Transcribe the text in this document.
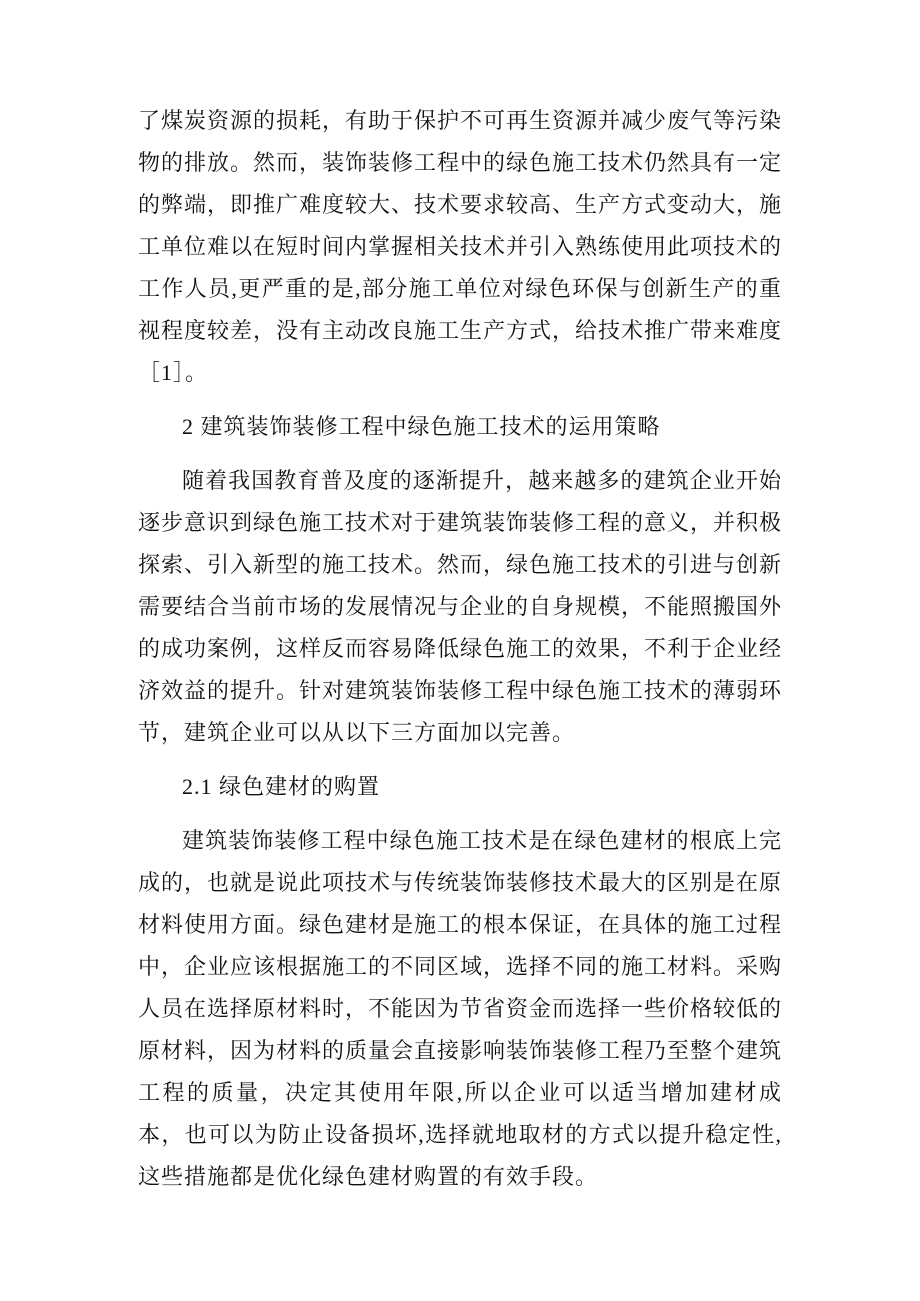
了煤炭资源的损耗，有助于保护不可再生资源并减少废气等污染物的排放。然而，装饰装修工程中的绿色施工技术仍然具有一定的弊端，即推广难度较大、技术要求较高、生产方式变动大，施工单位难以在短时间内掌握相关技术并引入熟练使用此项技术的工作人员,更严重的是,部分施工单位对绿色环保与创新生产的重视程度较差，没有主动改良施工生产方式，给技术推广带来难度［1］。

2 建筑装饰装修工程中绿色施工技术的运用策略

随着我国教育普及度的逐渐提升，越来越多的建筑企业开始逐步意识到绿色施工技术对于建筑装饰装修工程的意义，并积极探索、引入新型的施工技术。然而，绿色施工技术的引进与创新需要结合当前市场的发展情况与企业的自身规模，不能照搬国外的成功案例，这样反而容易降低绿色施工的效果，不利于企业经济效益的提升。针对建筑装饰装修工程中绿色施工技术的薄弱环节，建筑企业可以从以下三方面加以完善。

2.1 绿色建材的购置

建筑装饰装修工程中绿色施工技术是在绿色建材的根底上完成的，也就是说此项技术与传统装饰装修技术最大的区别是在原材料使用方面。绿色建材是施工的根本保证，在具体的施工过程中，企业应该根据施工的不同区域，选择不同的施工材料。采购人员在选择原材料时，不能因为节省资金而选择一些价格较低的原材料，因为材料的质量会直接影响装饰装修工程乃至整个建筑工程的质量，决定其使用年限,所以企业可以适当增加建材成本，也可以为防止设备损坏,选择就地取材的方式以提升稳定性,这些措施都是优化绿色建材购置的有效手段。
